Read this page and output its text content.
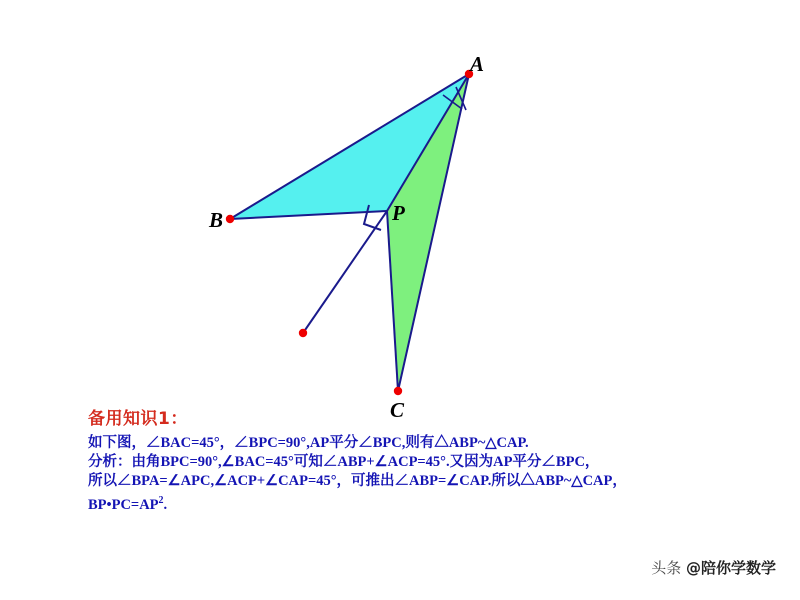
A
B
C
P
备用知识1：
如下图，∠BAC=45°，∠BPC=90°,AP平分∠BPC,则有△ABP~△CAP.
分析：由角BPC=90°,∠BAC=45°可知∠ABP+∠ACP=45°.又因为AP平分∠BPC，
所以∠BPA=∠APC,∠ACP+∠CAP=45°，可推出∠ABP=∠CAP.所以△ABP~△CAP，
$BP•PC=AP^2$.
头条 @陪你学数学
